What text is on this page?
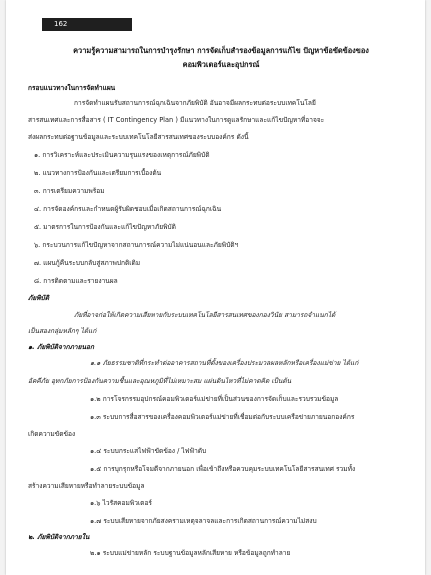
162
ความรู้ความสามารถในการบำรุงรักษา การจัดเก็บสำรองข้อมูลการแก้ไข ปัญหาข้อขัดข้องของ
คอมพิวเตอร์และอุปกรณ์
กรอบแนวทางในการจัดทำแผน
การจัดทำแผนรับสถานการณ์ฉุกเฉินจากภัยพิบัติ อันอาจมีผลกระทบต่อระบบเทคโนโลยี
สารสนเทศและการสื่อสาร ( IT Contingency Plan ) มีแนวทางในการดูแลรักษาและแก้ไขปัญหาที่อาจจะ
ส่งผลกระทบต่อฐานข้อมูลและระบบเทคโนโลยีสารสนเทศของระบบองค์กร ดังนี้
๑. การวิเคราะห์และประเมินความรุนแรงของเหตุการณ์ภัยพิบัติ
๒. แนวทางการป้องกันและเตรียมการเบื้องต้น
๓. การเตรียมความพร้อม
๔. การจัดองค์กรและกำหนดผู้รับผิดชอบเมื่อเกิดสถานการณ์ฉุกเฉิน
๕. มาตรการในการป้องกันและแก้ไขปัญหาภัยพิบัติ
๖. กระบวนการแก้ไขปัญหาจากสถานการณ์ความไม่แน่นอนและภัยพิบัติฯ
๗. แผนกู้คืนระบบกลับสู่สภาพปกติเดิม
๘. การติดตามและรายงานผล
ภัยพิบัติ
ภัยที่อาจก่อให้เกิดความเสียหายกับระบบเทคโนโลยีสารสนเทศของกองวินัย สามารถจำแนกได้
เป็นสองกลุ่มหลักๆ ได้แก่
๑. ภัยพิบัติจากภายนอก
๑.๑ ภัยธรรมชาติที่กระทำต่ออาคารสถานที่ตั้งของเครื่องประมวลผลหลักหรือเครื่องแม่ข่าย ได้แก่
อัคคีภัย อุทกภัยการป้องกันความชื้นและอุณหภูมิที่ไม่เหมาะสม แผ่นดินไหวที่ไม่คาดคิด เป็นต้น
๑.๒ การโจรกรรมอุปกรณ์คอมพิวเตอร์แม่ข่ายที่เป็นส่วนของการจัดเก็บและรวบรวมข้อมูล
๑.๓ ระบบการสื่อสารของเครื่องคอมพิวเตอร์แม่ข่ายที่เชื่อมต่อกับระบบเครือข่ายภายนอกองค์กร
เกิดความขัดข้อง
๑.๔ ระบบกระแสไฟฟ้าขัดข้อง / ไฟฟ้าดับ
๑.๕ การบุกรุกหรือโจมตีจากภายนอก เพื่อเข้าถึงหรือควบคุมระบบเทคโนโลยีสารสนเทศ รวมทั้ง
สร้างความเสียหายหรือทำลายระบบข้อมูล
๑.๖ ไวรัสคอมพิวเตอร์
๑.๗ ระบบเสียหายจากภัยสงครามเหตุจลาจลและการเกิดสถานการณ์ความไม่สงบ
๒. ภัยพิบัติจากภายใน
๒.๑ ระบบแม่ข่ายหลัก ระบบฐานข้อมูลหลักเสียหาย หรือข้อมูลถูกทำลาย
